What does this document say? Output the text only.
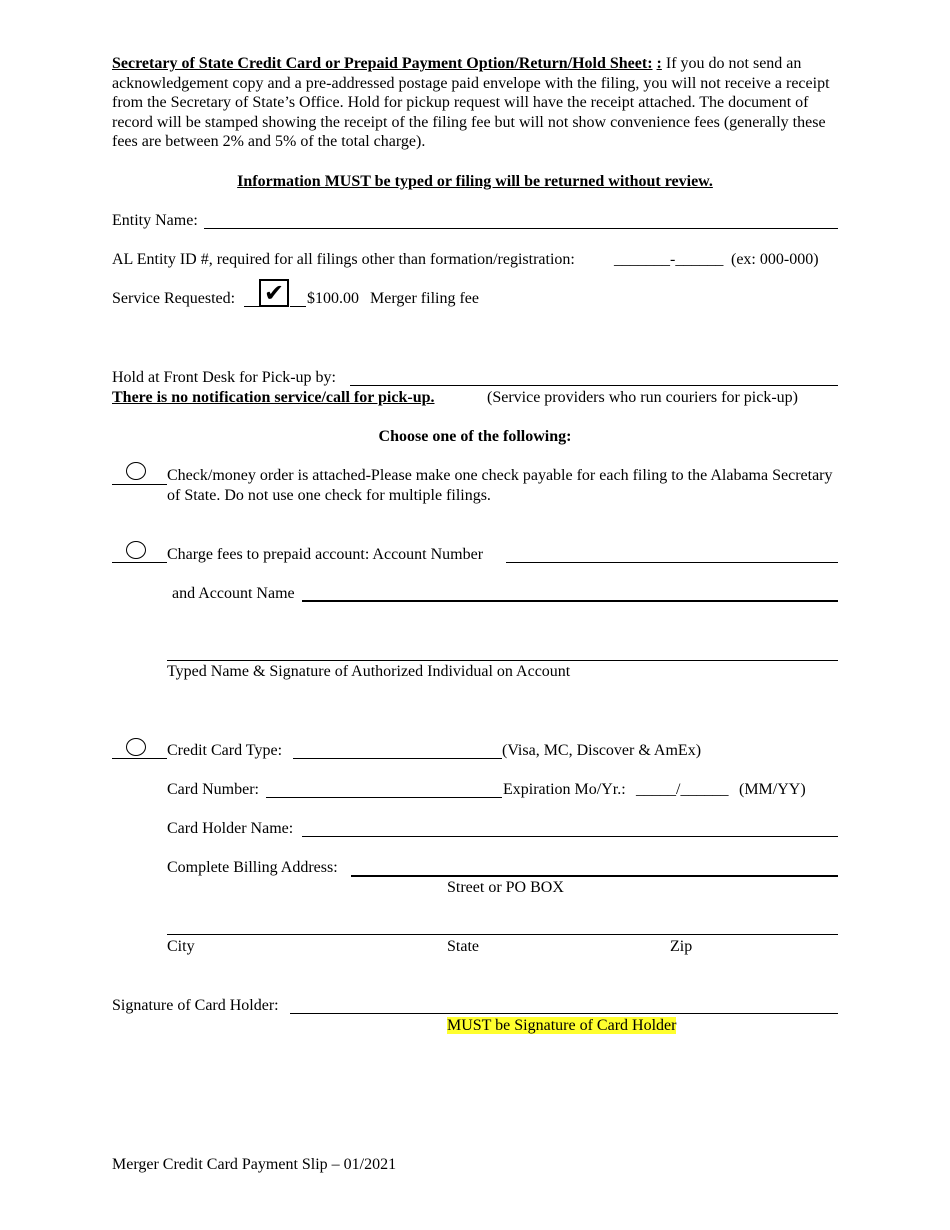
Secretary of State Credit Card or Prepaid Payment Option/Return/Hold Sheet: : If you do not send an acknowledgement copy and a pre-addressed postage paid envelope with the filing, you will not receive a receipt from the Secretary of State’s Office. Hold for pickup request will have the receipt attached. The document of record will be stamped showing the receipt of the filing fee but will not show convenience fees (generally these fees are between 2% and 5% of the total charge).
Information MUST be typed or filing will be returned without review.
Entity Name:
AL Entity ID #, required for all filings other than formation/registration: _______-______ (ex: 000-000)
Service Requested: ✔	$100.00 Merger filing fee
Hold at Front Desk for Pick-up by:
There is no notification service/call for pick-up.	(Service providers who run couriers for pick-up)
Choose one of the following:
Check/money order is attached-Please make one check payable for each filing to the Alabama Secretary of State. Do not use one check for multiple filings.
Charge fees to prepaid account: Account Number
and Account Name
Typed Name & Signature of Authorized Individual on Account
Credit Card Type:	(Visa, MC, Discover & AmEx)
Card Number:	Expiration Mo/Yr.: _____/______ (MM/YY)
Card Holder Name:
Complete Billing Address:
Street or PO BOX
City	State	Zip
Signature of Card Holder:
MUST be Signature of Card Holder
Merger Credit Card Payment Slip – 01/2021
